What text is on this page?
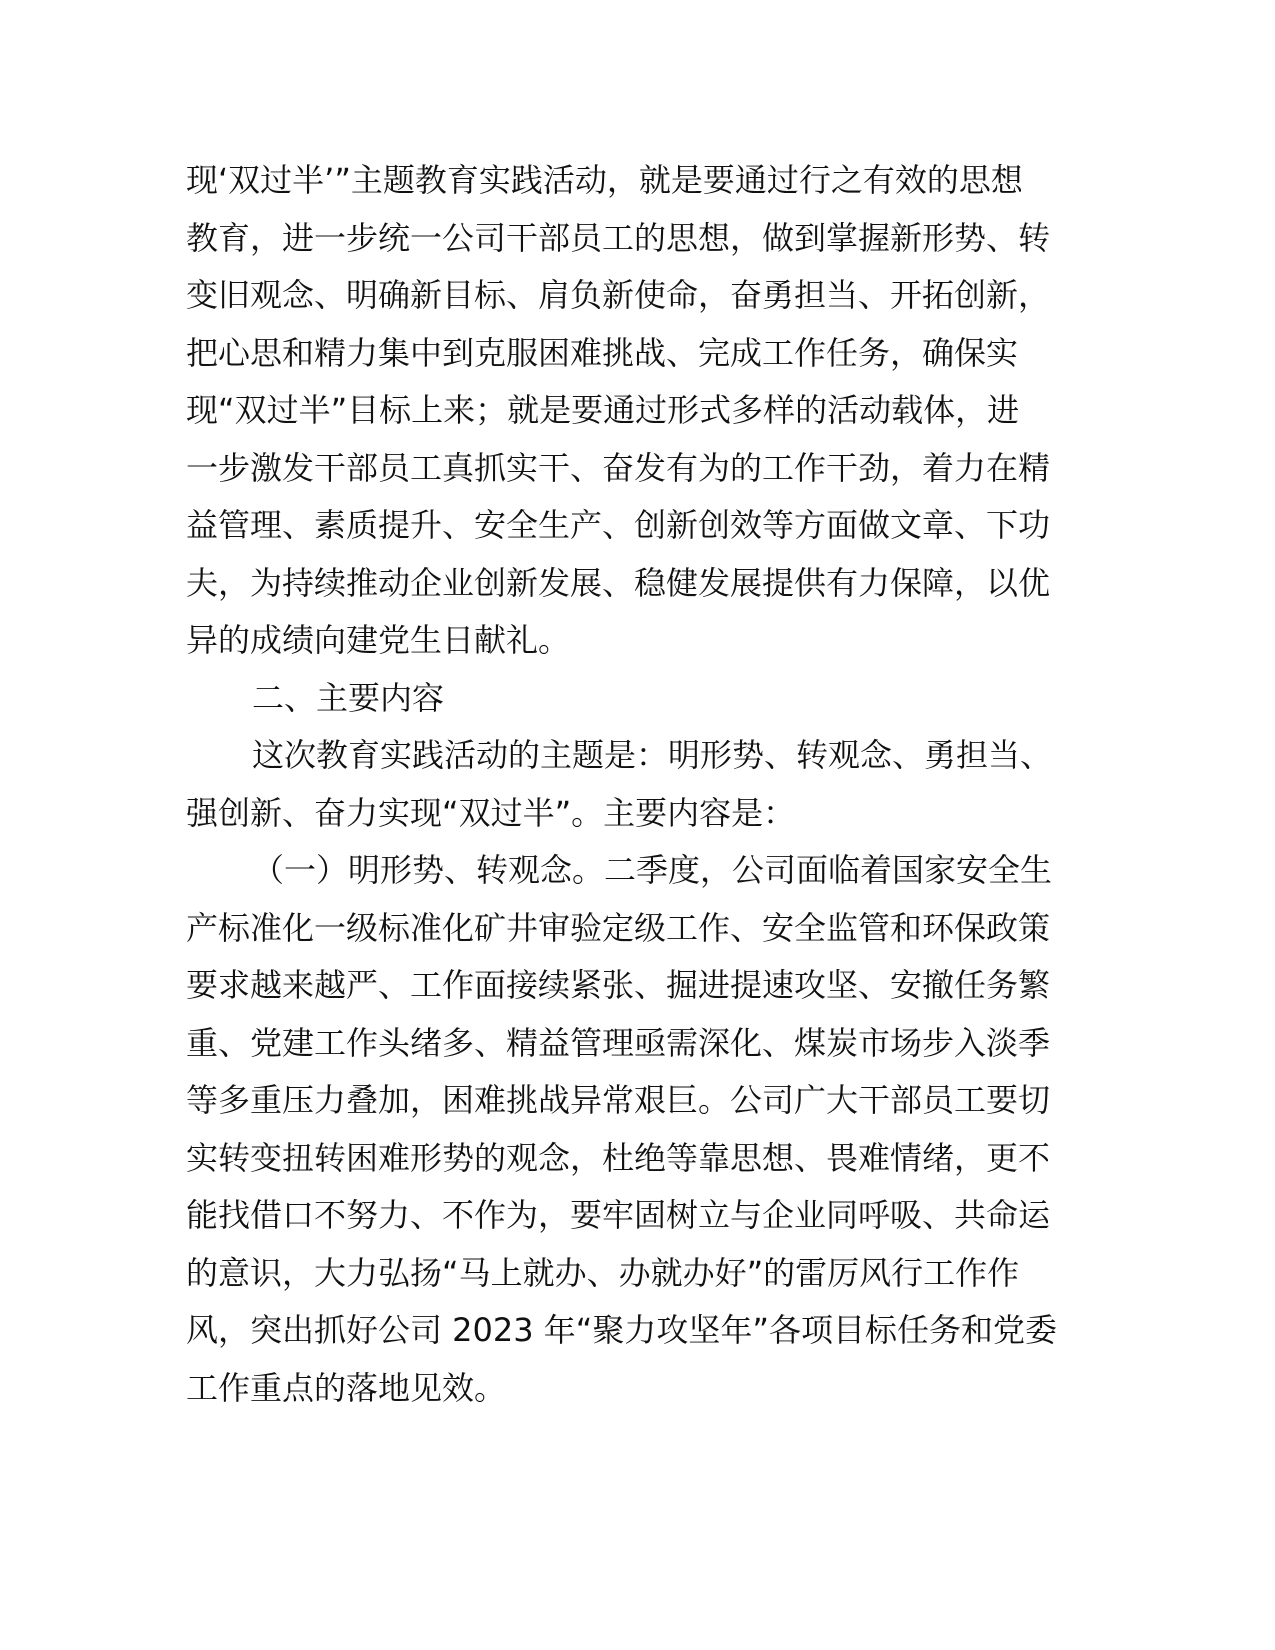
现‘双过半’”主题教育实践活动，就是要通过行之有效的思想
教育，进一步统一公司干部员工的思想，做到掌握新形势、转
变旧观念、明确新目标、肩负新使命，奋勇担当、开拓创新，
把心思和精力集中到克服困难挑战、完成工作任务，确保实
现“双过半”目标上来；就是要通过形式多样的活动载体，进
一步激发干部员工真抓实干、奋发有为的工作干劲，着力在精
益管理、素质提升、安全生产、创新创效等方面做文章、下功
夫，为持续推动企业创新发展、稳健发展提供有力保障，以优
异的成绩向建党生日献礼。
二、主要内容
这次教育实践活动的主题是：明形势、转观念、勇担当、
强创新、奋力实现“双过半”。主要内容是：
（一）明形势、转观念。二季度，公司面临着国家安全生
产标准化一级标准化矿井审验定级工作、安全监管和环保政策
要求越来越严、工作面接续紧张、掘进提速攻坚、安撤任务繁
重、党建工作头绪多、精益管理亟需深化、煤炭市场步入淡季
等多重压力叠加，困难挑战异常艰巨。公司广大干部员工要切
实转变扭转困难形势的观念，杜绝等靠思想、畏难情绪，更不
能找借口不努力、不作为，要牢固树立与企业同呼吸、共命运
的意识，大力弘扬“马上就办、办就办好”的雷厉风行工作作
风，突出抓好公司 2023 年“聚力攻坚年”各项目标任务和党委
工作重点的落地见效。
